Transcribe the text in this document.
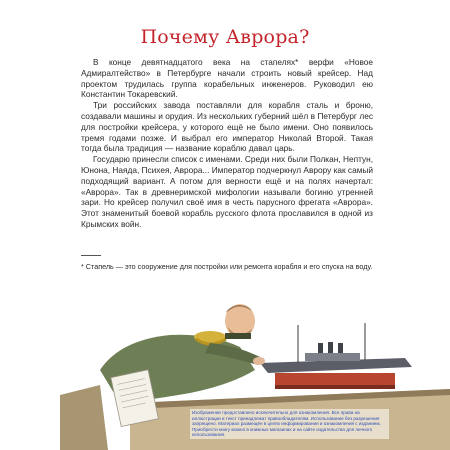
Почему Аврора?

В конце девятнадцатого века на стапелях* верфи «Новое Адмиралтейство» в Петербурге начали строить новый крейсер. Над проектом трудилась группа корабельных инженеров. Руководил ею Константин Токаревский.

Три российских завода поставляли для корабля сталь и броню, создавали машины и орудия. Из нескольких губерний шёл в Петербург лес для постройки крейсера, у которого ещё не было имени. Оно появилось тремя годами позже. И выбрал его император Николай Второй. Такая тогда была традиция — название кораблю давал царь.

Государю принесли список с именами. Среди них были Полкан, Нептун, Юнона, Наяда, Психея, Аврора... Император подчеркнул Аврору как самый подходящий вариант. А потом для верности ещё и на полях начертал: «Аврора». Так в древнеримской мифологии называли богиню утренней зари. Но крейсер получил своё имя в честь парусного фрегата «Аврора». Этот знаменитый боевой корабль русского флота прославился в одной из Крымских войн.

* Стапель — это сооружение для постройки или ремонта корабля и его спуска на воду.
Изображение предоставлено исключительно для ознакомления. Все права на иллюстрации и текст принадлежат правообладателям. Использование без разрешения запрещено. Материал размещён в целях информирования и ознакомления с изданием. Приобрести книгу можно в книжных магазинах и на сайте издательства для личного использования.
